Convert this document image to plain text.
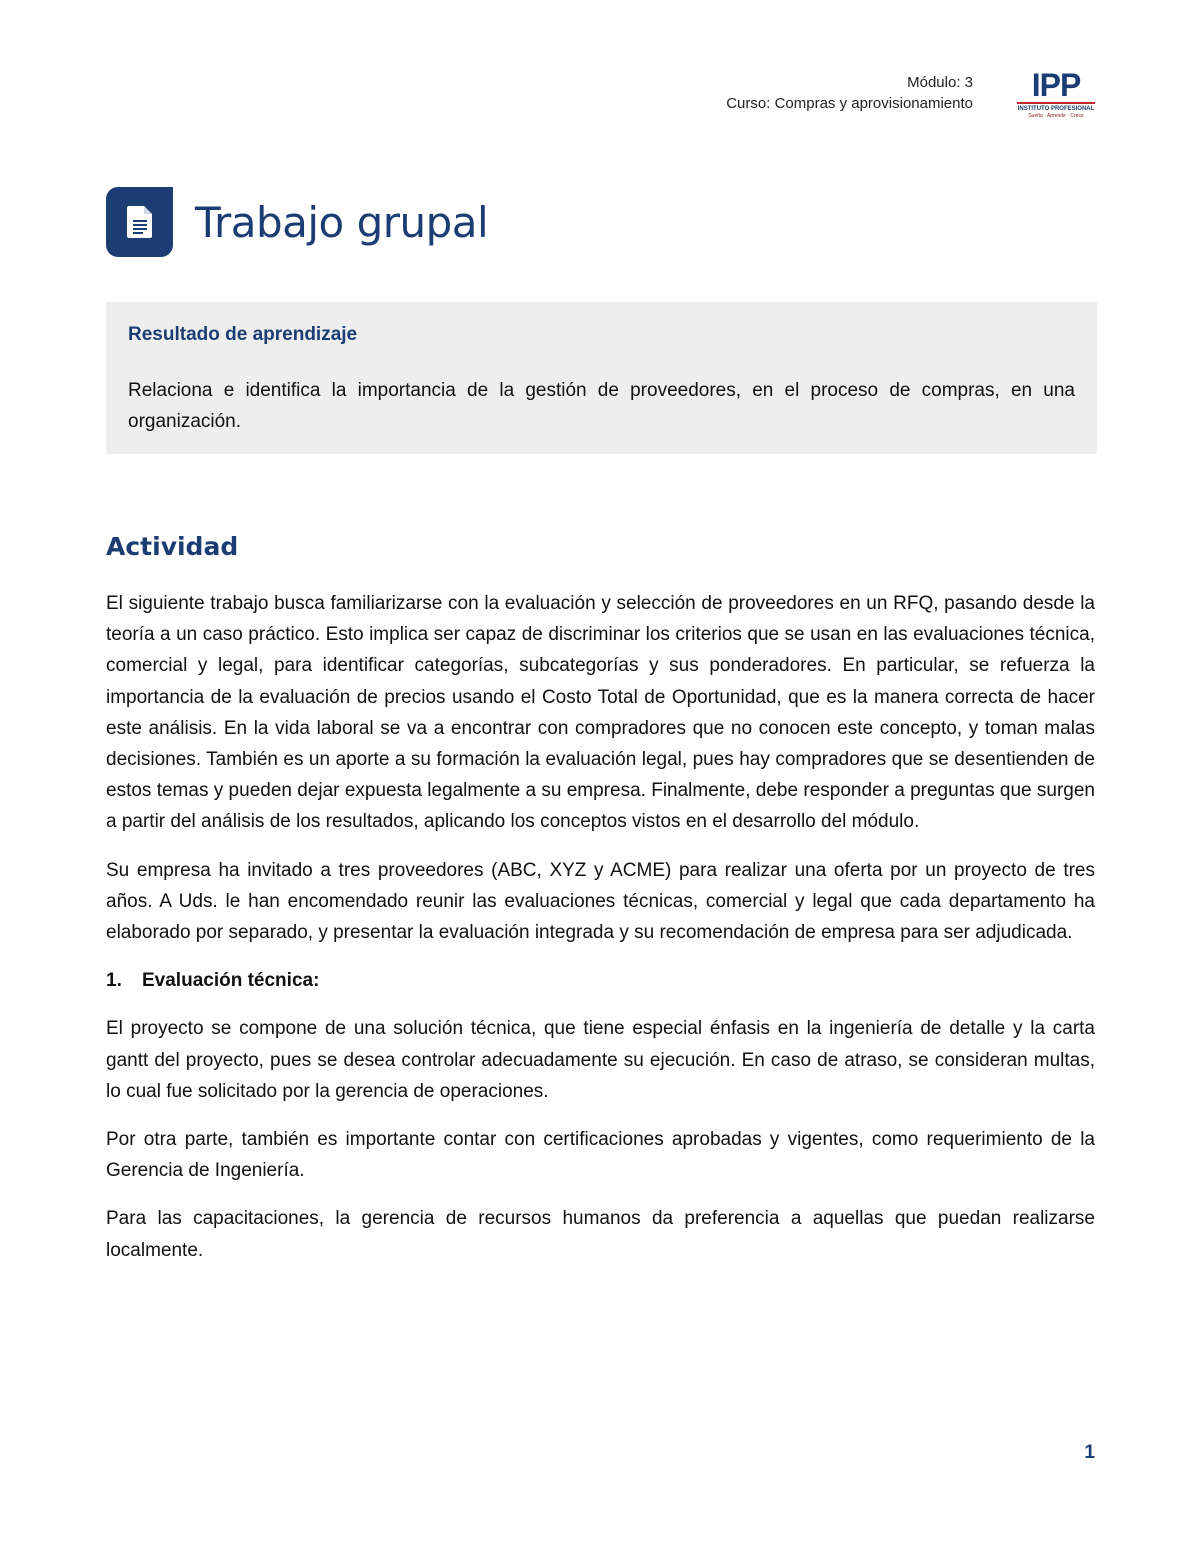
Módulo: 3
Curso: Compras y aprovisionamiento
IPP
INSTITUTO PROFESIONAL
Sueña · Aprende · Crece
Trabajo grupal
Resultado de aprendizaje

Relaciona e identifica la importancia de la gestión de proveedores, en el proceso de compras, en una organización.

Actividad

El siguiente trabajo busca familiarizarse con la evaluación y selección de proveedores en un RFQ, pasando desde la teoría a un caso práctico. Esto implica ser capaz de discriminar los criterios que se usan en las evaluaciones técnica, comercial y legal, para identificar categorías, subcategorías y sus ponderadores. En particular, se refuerza la importancia de la evaluación de precios usando el Costo Total de Oportunidad, que es la manera correcta de hacer este análisis. En la vida laboral se va a encontrar con compradores que no conocen este concepto, y toman malas decisiones. También es un aporte a su formación la evaluación legal, pues hay compradores que se desentienden de estos temas y pueden dejar expuesta legalmente a su empresa. Finalmente, debe responder a preguntas que surgen a partir del análisis de los resultados, aplicando los conceptos vistos en el desarrollo del módulo.

Su empresa ha invitado a tres proveedores (ABC, XYZ y ACME) para realizar una oferta por un proyecto de tres años. A Uds. le han encomendado reunir las evaluaciones técnicas, comercial y legal que cada departamento ha elaborado por separado, y presentar la evaluación integrada y su recomendación de empresa para ser adjudicada.

1.	Evaluación técnica:

El proyecto se compone de una solución técnica, que tiene especial énfasis en la ingeniería de detalle y la carta gantt del proyecto, pues se desea controlar adecuadamente su ejecución. En caso de atraso, se consideran multas, lo cual fue solicitado por la gerencia de operaciones.

Por otra parte, también es importante contar con certificaciones aprobadas y vigentes, como requerimiento de la Gerencia de Ingeniería.

Para las capacitaciones, la gerencia de recursos humanos da preferencia a aquellas que puedan realizarse localmente.

1
